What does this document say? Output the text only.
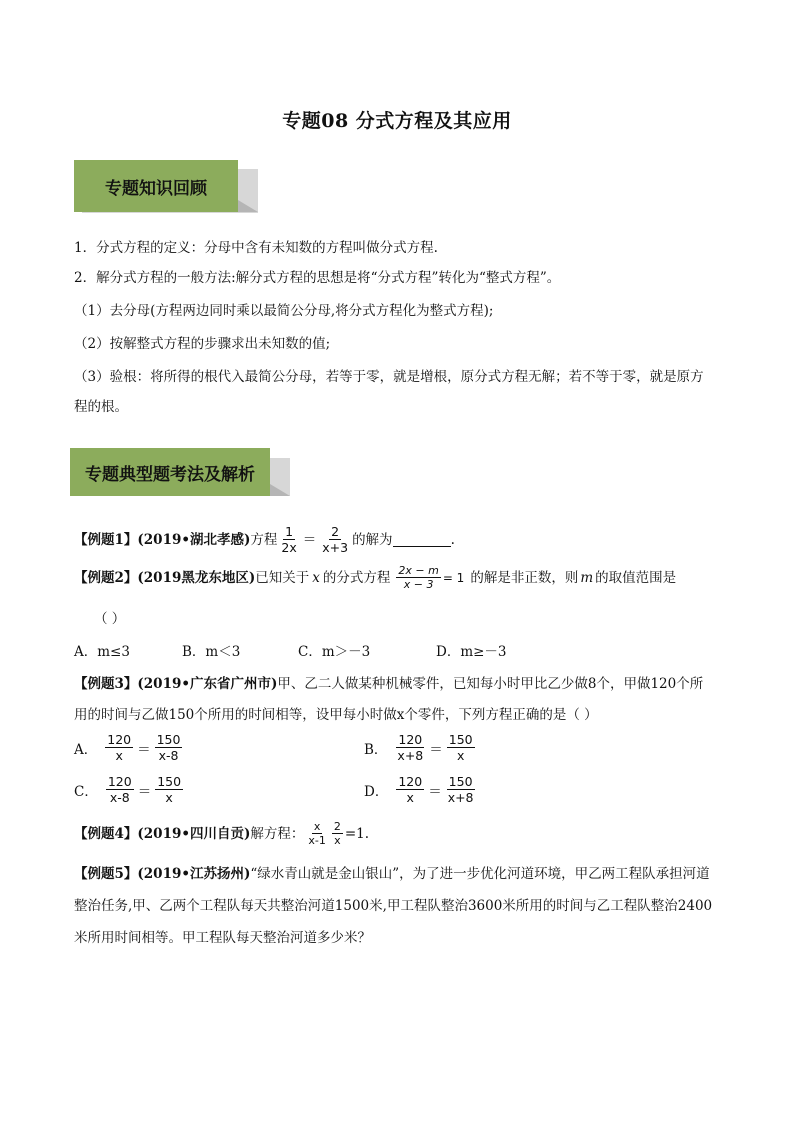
专题08 分式方程及其应用
专题知识回顾
1．分式方程的定义：分母中含有未知数的方程叫做分式方程.
2．解分式方程的一般方法:解分式方程的思想是将“分式方程”转化为“整式方程”。
（1）去分母(方程两边同时乘以最简公分母,将分式方程化为整式方程);
（2）按解整式方程的步骤求出未知数的值;
（3）验根：将所得的根代入最简公分母，若等于零，就是增根，原分式方程无解；若不等于零，就是原方
程的根。
专题典型题考法及解析
【例题1】(2019•湖北孝感) 方程 $\frac{1}{2x} = \frac{2}{x+3}$ 的解为	.
【例题2】(2019黑龙东地区) 已知关于 x 的分式方程 $\frac{2x - m}{x - 3} = 1$ 的解是非正数，则 m 的取值范围是
（ ）
A．m≤3	B．m＜3	C．m＞－3	D．m≥－3
【例题3】(2019•广东省广州市)甲、乙二人做某种机械零件，已知每小时甲比乙少做8个，甲做120个所
用的时间与乙做150个所用的时间相等，设甲每小时做x个零件，下列方程正确的是（ ）
A． $\frac{120}{x} = \frac{150}{x-8}$	B． $\frac{120}{x+8} = \frac{150}{x}$
C． $\frac{120}{x-8} = \frac{150}{x}$	D． $\frac{120}{x} = \frac{150}{x+8}$
【例题4】(2019•四川自贡) 解方程： $\frac{x}{x-1} \frac{2}{x} =1$.
【例题5】(2019•江苏扬州)“绿水青山就是金山银山”，为了进一步优化河道环境，甲乙两工程队承担河道
整治任务,甲、乙两个工程队每天共整治河道1500米,甲工程队整治3600米所用的时间与乙工程队整治2400
米所用时间相等。甲工程队每天整治河道多少米？
